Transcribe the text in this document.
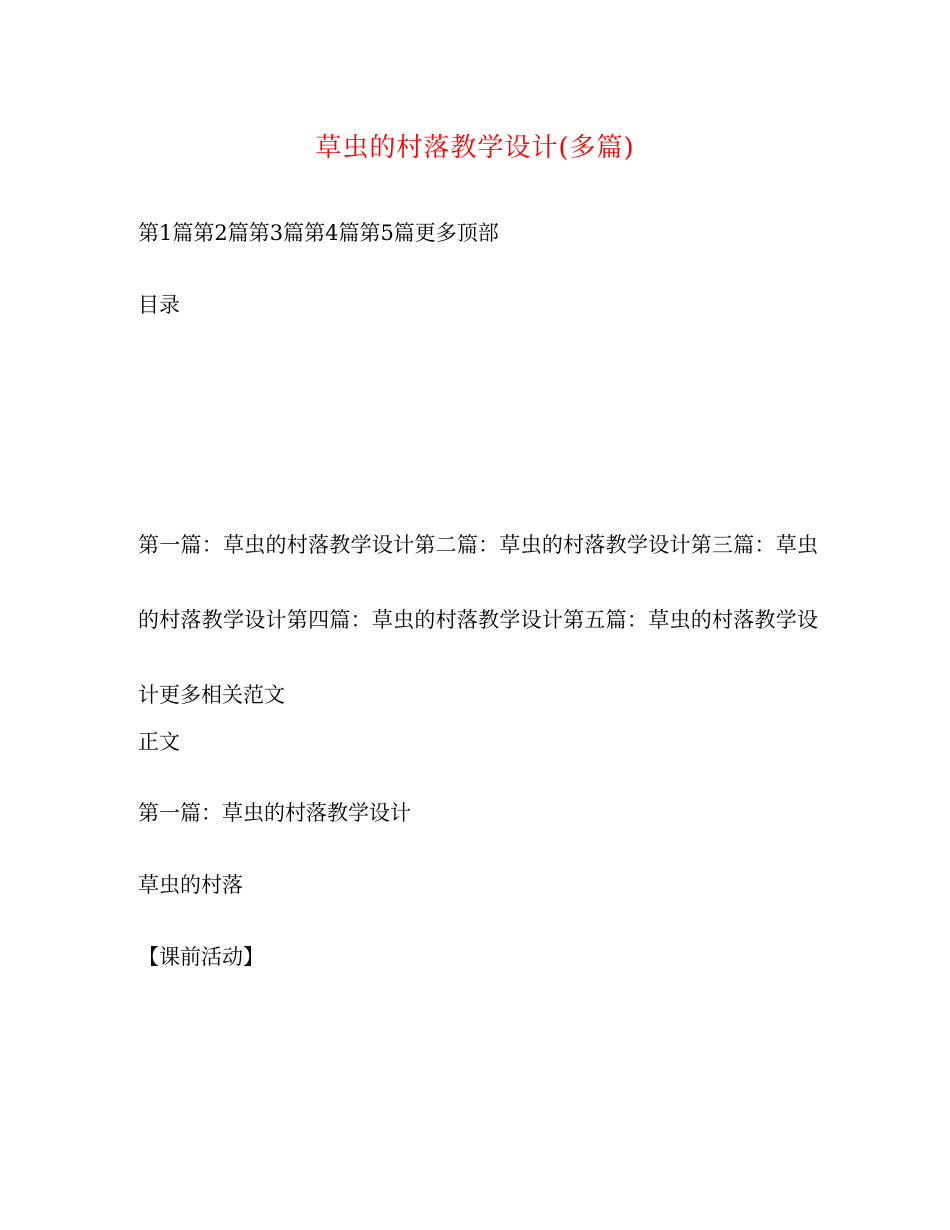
草虫的村落教学设计(多篇)
第1篇第2篇第3篇第4篇第5篇更多顶部
目录
第一篇：草虫的村落教学设计第二篇：草虫的村落教学设计第三篇：草虫的村落教学设计第四篇：草虫的村落教学设计第五篇：草虫的村落教学设计更多相关范文
正文
第一篇：草虫的村落教学设计
草虫的村落
【课前活动】
